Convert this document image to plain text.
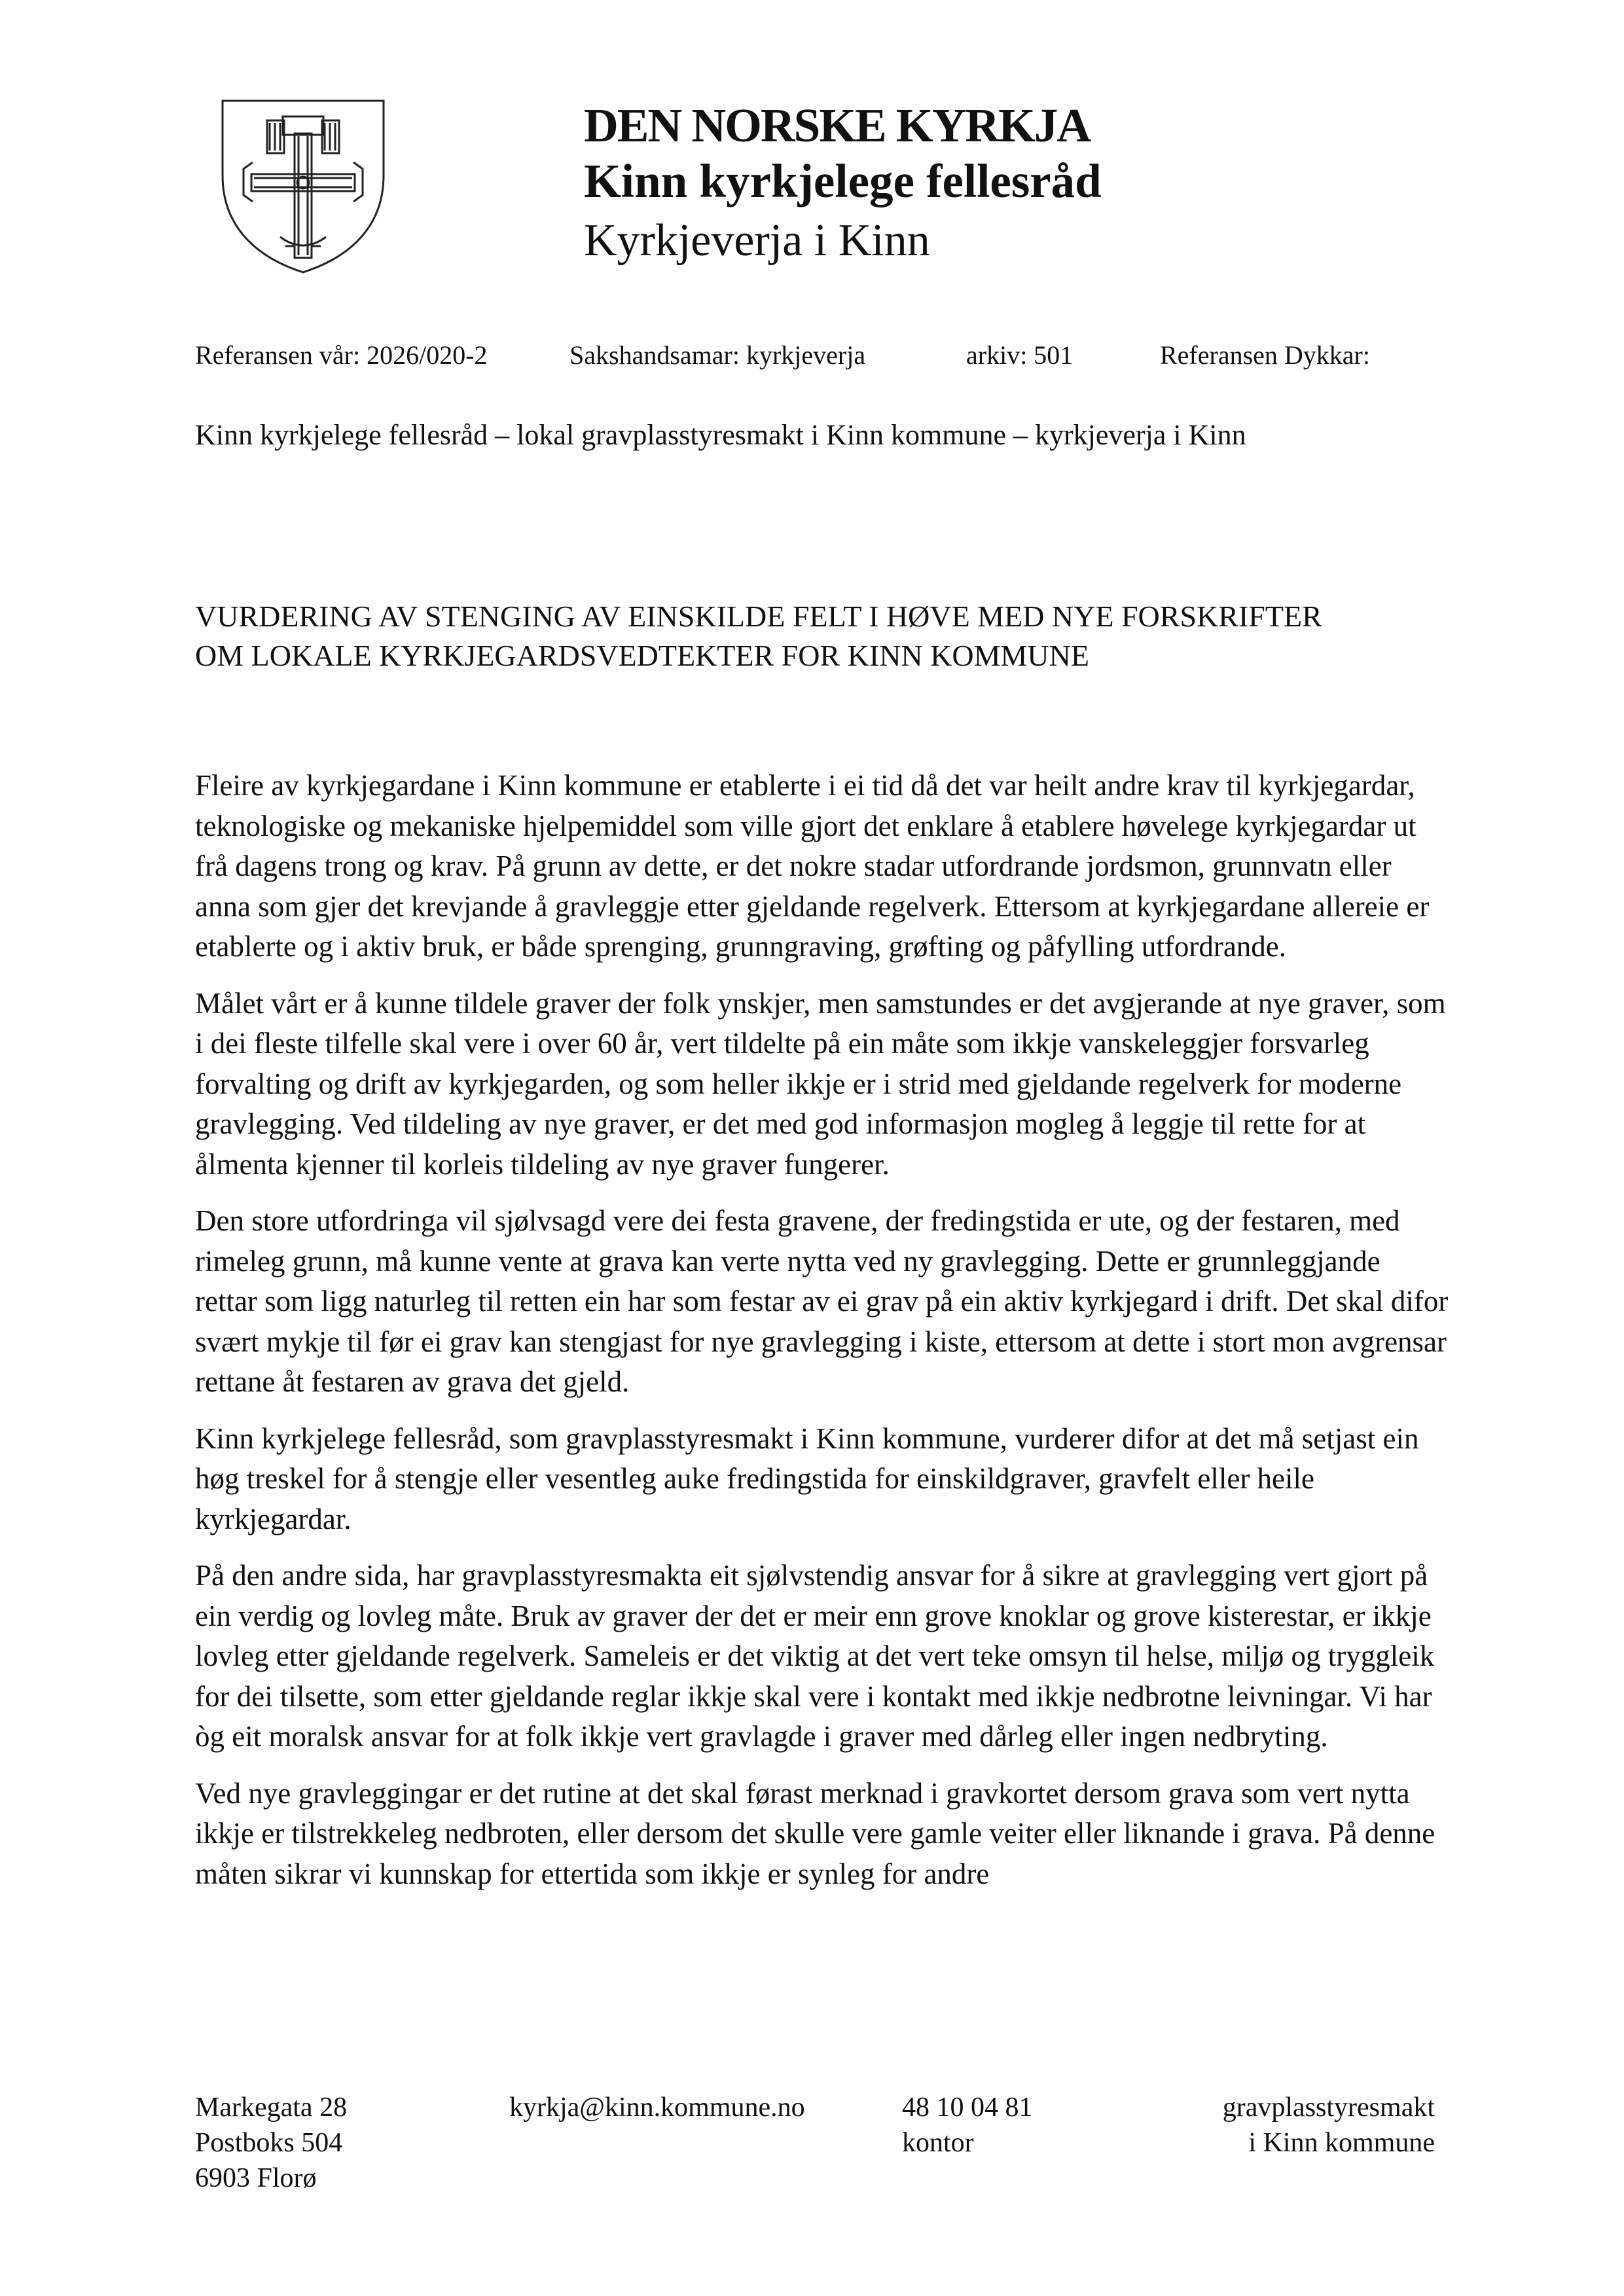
DEN NORSKE KYRKJA
Kinn kyrkjelege fellesråd
Kyrkjeverja i Kinn
Referansen vår: 2026/020-2	Sakshandsamar: kyrkjeverja	arkiv: 501	Referansen Dykkar:
Kinn kyrkjelege fellesråd – lokal gravplasstyresmakt i Kinn kommune – kyrkjeverja i Kinn
VURDERING AV STENGING AV EINSKILDE FELT I HØVE MED NYE FORSKRIFTER
OM LOKALE KYRKJEGARDSVEDTEKTER FOR KINN KOMMUNE

Fleire av kyrkjegardane i Kinn kommune er etablerte i ei tid då det var heilt andre krav til kyrkjegardar, teknologiske og mekaniske hjelpemiddel som ville gjort det enklare å etablere høvelege kyrkjegardar ut frå dagens trong og krav. På grunn av dette, er det nokre stadar utfordrande jordsmon, grunnvatn eller anna som gjer det krevjande å gravleggje etter gjeldande regelverk. Ettersom at kyrkjegardane allereie er etablerte og i aktiv bruk, er både sprenging, grunngraving, grøfting og påfylling utfordrande.

Målet vårt er å kunne tildele graver der folk ynskjer, men samstundes er det avgjerande at nye graver, som i dei fleste tilfelle skal vere i over 60 år, vert tildelte på ein måte som ikkje vanskeleggjer forsvarleg forvalting og drift av kyrkjegarden, og som heller ikkje er i strid med gjeldande regelverk for moderne gravlegging. Ved tildeling av nye graver, er det med god informasjon mogleg å leggje til rette for at ålmenta kjenner til korleis tildeling av nye graver fungerer.

Den store utfordringa vil sjølvsagd vere dei festa gravene, der fredingstida er ute, og der festaren, med rimeleg grunn, må kunne vente at grava kan verte nytta ved ny gravlegging. Dette er grunnleggjande rettar som ligg naturleg til retten ein har som festar av ei grav på ein aktiv kyrkjegard i drift. Det skal difor svært mykje til før ei grav kan stengjast for nye gravlegging i kiste, ettersom at dette i stort mon avgrensar rettane åt festaren av grava det gjeld.

Kinn kyrkjelege fellesråd, som gravplasstyresmakt i Kinn kommune, vurderer difor at det må setjast ein høg treskel for å stengje eller vesentleg auke fredingstida for einskildgraver, gravfelt eller heile kyrkjegardar.

På den andre sida, har gravplasstyresmakta eit sjølvstendig ansvar for å sikre at gravlegging vert gjort på ein verdig og lovleg måte. Bruk av graver der det er meir enn grove knoklar og grove kisterestar, er ikkje lovleg etter gjeldande regelverk. Sameleis er det viktig at det vert teke omsyn til helse, miljø og tryggleik for dei tilsette, som etter gjeldande reglar ikkje skal vere i kontakt med ikkje nedbrotne leivningar. Vi har òg eit moralsk ansvar for at folk ikkje vert gravlagde i graver med dårleg eller ingen nedbryting.

Ved nye gravleggingar er det rutine at det skal førast merknad i gravkortet dersom grava som vert nytta ikkje er tilstrekkeleg nedbroten, eller dersom det skulle vere gamle veiter eller liknande i grava. På denne måten sikrar vi kunnskap for ettertida som ikkje er synleg for andre

Markegata 28
Postboks 504
6903 Florø
kyrkja@kinn.kommune.no	48 10 04 81
kontor
gravplasstyresmakt
i Kinn kommune
